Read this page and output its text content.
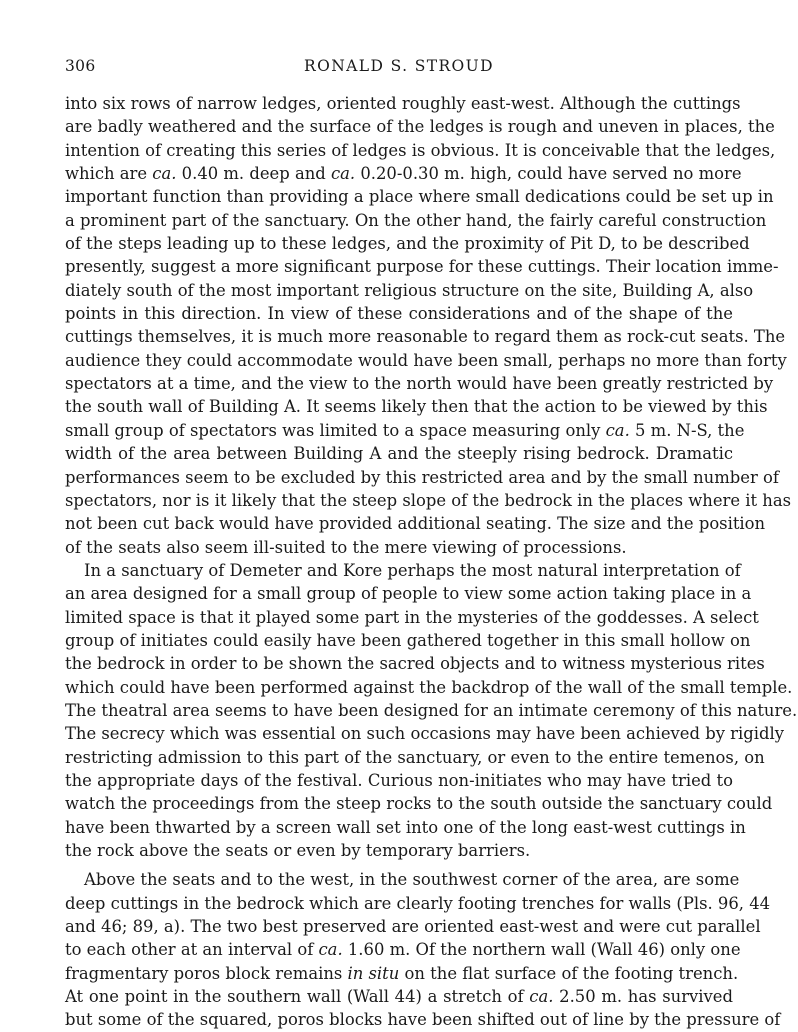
306	RONALD S. STROUD
into six rows of narrow ledges, oriented roughly east-west. Although the cuttings
are badly weathered and the surface of the ledges is rough and uneven in places, the
intention of creating this series of ledges is obvious. It is conceivable that the ledges,
which are ca. 0.40 m. deep and ca. 0.20-0.30 m. high, could have served no more
important function than providing a place where small dedications could be set up in
a prominent part of the sanctuary. On the other hand, the fairly careful construction
of the steps leading up to these ledges, and the proximity of Pit D, to be described
presently, suggest a more significant purpose for these cuttings. Their location imme-
diately south of the most important religious structure on the site, Building A, also
points in this direction. In view of these considerations and of the shape of the
cuttings themselves, it is much more reasonable to regard them as rock-cut seats. The
audience they could accommodate would have been small, perhaps no more than forty
spectators at a time, and the view to the north would have been greatly restricted by
the south wall of Building A. It seems likely then that the action to be viewed by this
small group of spectators was limited to a space measuring only ca. 5 m. N-S, the
width of the area between Building A and the steeply rising bedrock. Dramatic
performances seem to be excluded by this restricted area and by the small number of
spectators, nor is it likely that the steep slope of the bedrock in the places where it has
not been cut back would have provided additional seating. The size and the position
of the seats also seem ill-suited to the mere viewing of processions.
In a sanctuary of Demeter and Kore perhaps the most natural interpretation of
an area designed for a small group of people to view some action taking place in a
limited space is that it played some part in the mysteries of the goddesses. A select
group of initiates could easily have been gathered together in this small hollow on
the bedrock in order to be shown the sacred objects and to witness mysterious rites
which could have been performed against the backdrop of the wall of the small temple.
The theatral area seems to have been designed for an intimate ceremony of this nature.
The secrecy which was essential on such occasions may have been achieved by rigidly
restricting admission to this part of the sanctuary, or even to the entire temenos, on
the appropriate days of the festival. Curious non-initiates who may have tried to
watch the proceedings from the steep rocks to the south outside the sanctuary could
have been thwarted by a screen wall set into one of the long east-west cuttings in
the rock above the seats or even by temporary barriers.
Above the seats and to the west, in the southwest corner of the area, are some
deep cuttings in the bedrock which are clearly footing trenches for walls (Pls. 96, 44
and 46; 89, a). The two best preserved are oriented east-west and were cut parallel
to each other at an interval of ca. 1.60 m. Of the northern wall (Wall 46) only one
fragmentary poros block remains in situ on the flat surface of the footing trench.
At one point in the southern wall (Wall 44) a stretch of ca. 2.50 m. has survived
but some of the squared, poros blocks have been shifted out of line by the pressure of
